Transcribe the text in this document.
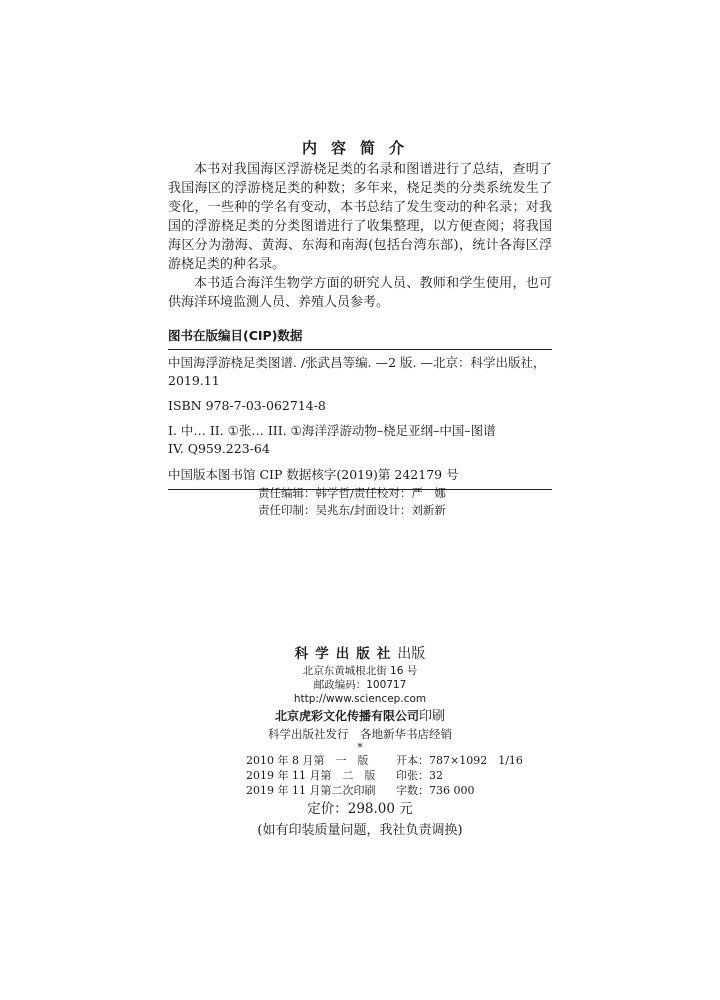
内容简介

本书对我国海区浮游桡足类的名录和图谱进行了总结，查明了我国海区的浮游桡足类的种数；多年来，桡足类的分类系统发生了变化，一些种的学名有变动，本书总结了发生变动的种名录；对我国的浮游桡足类的分类图谱进行了收集整理，以方便查阅；将我国海区分为渤海、黄海、东海和南海(包括台湾东部)，统计各海区浮游桡足类的种名录。

本书适合海洋生物学方面的研究人员、教师和学生使用，也可供海洋环境监测人员、养殖人员参考。

图书在版编目(CIP)数据
中国海浮游桡足类图谱. /张武昌等编. —2 版. —北京：科学出版社，
2019.11
ISBN 978-7-03-062714-8
I. 中… II. ①张… III. ①海洋浮游动物–桡足亚纲–中国–图谱
IV. Q959.223-64
中国版本图书馆 CIP 数据核字(2019)第 242179 号
责任编辑：韩学哲/责任校对：严　娜
责任印制：吴兆东/封面设计：刘新新
科学出版社出版
北京东黄城根北街 16 号
邮政编码：100717
http://www.sciencep.com
北京虎彩文化传播有限公司印刷
科学出版社发行　各地新华书店经销
*
2010 年 8 月第　一　版	开本：787×1092　1/16
2019 年 11 月第　二　版	印张：32
2019 年 11 月第二次印刷	字数：736 000
定价：298.00 元
(如有印装质量问题，我社负责调换)
